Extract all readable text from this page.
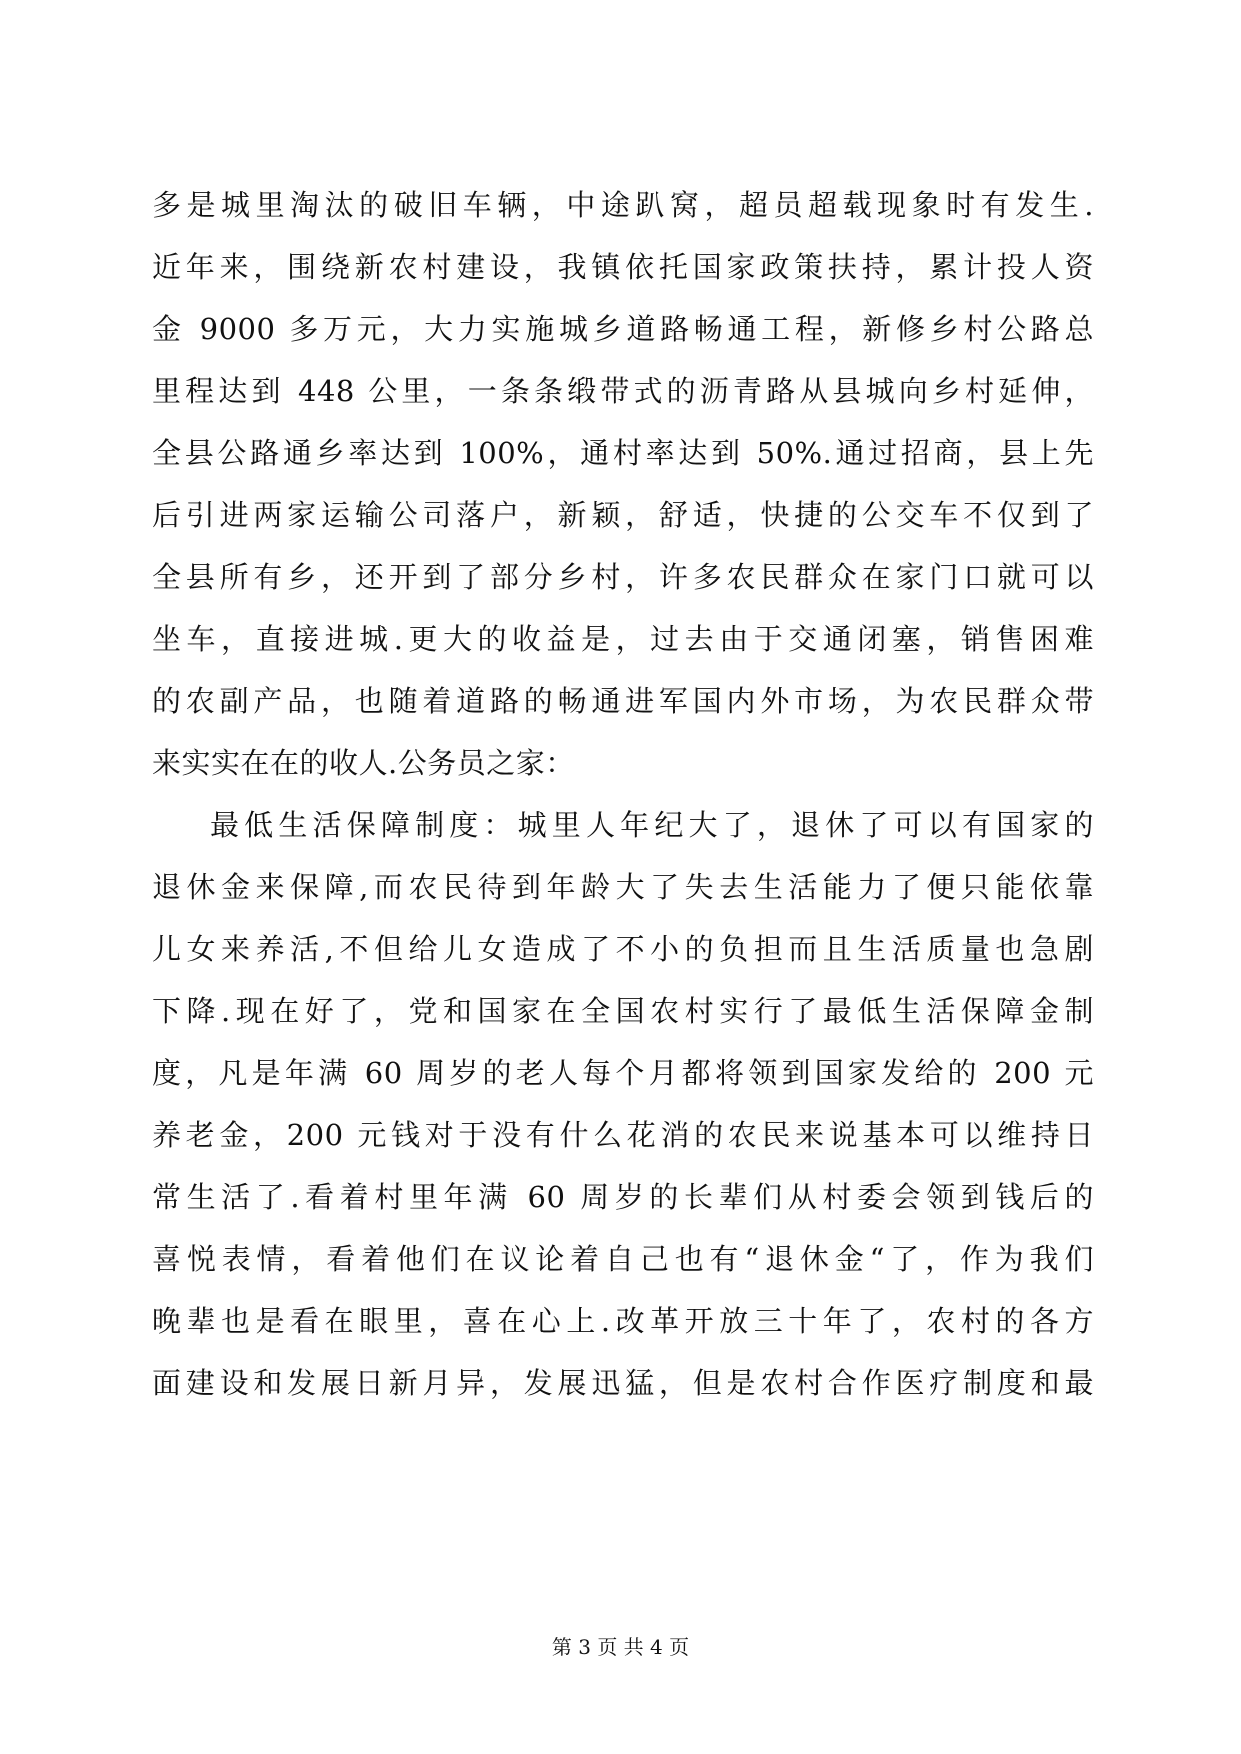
多是城里淘汰的破旧车辆，中途趴窝，超员超载现象时有发生.
近年来，围绕新农村建设，我镇依托国家政策扶持，累计投人资
金 9000 多万元，大力实施城乡道路畅通工程，新修乡村公路总
里程达到 448 公里，一条条缎带式的沥青路从县城向乡村延伸，
全县公路通乡率达到 100%，通村率达到 50%.通过招商，县上先
后引进两家运输公司落户，新颖，舒适，快捷的公交车不仅到了
全县所有乡，还开到了部分乡村，许多农民群众在家门口就可以
坐车，直接进城.更大的收益是，过去由于交通闭塞，销售困难
的农副产品，也随着道路的畅通进军国内外市场，为农民群众带
来实实在在的收人.公务员之家：
最低生活保障制度：城里人年纪大了，退休了可以有国家的
退休金来保障,而农民待到年龄大了失去生活能力了便只能依靠
儿女来养活,不但给儿女造成了不小的负担而且生活质量也急剧
下降.现在好了，党和国家在全国农村实行了最低生活保障金制
度，凡是年满 60 周岁的老人每个月都将领到国家发给的 200 元
养老金，200 元钱对于没有什么花消的农民来说基本可以维持日
常生活了.看着村里年满 60 周岁的长辈们从村委会领到钱后的
喜悦表情，看着他们在议论着自己也有“退休金“了，作为我们
晚辈也是看在眼里，喜在心上.改革开放三十年了，农村的各方
面建设和发展日新月异，发展迅猛，但是农村合作医疗制度和最
第 3 页 共 4 页
